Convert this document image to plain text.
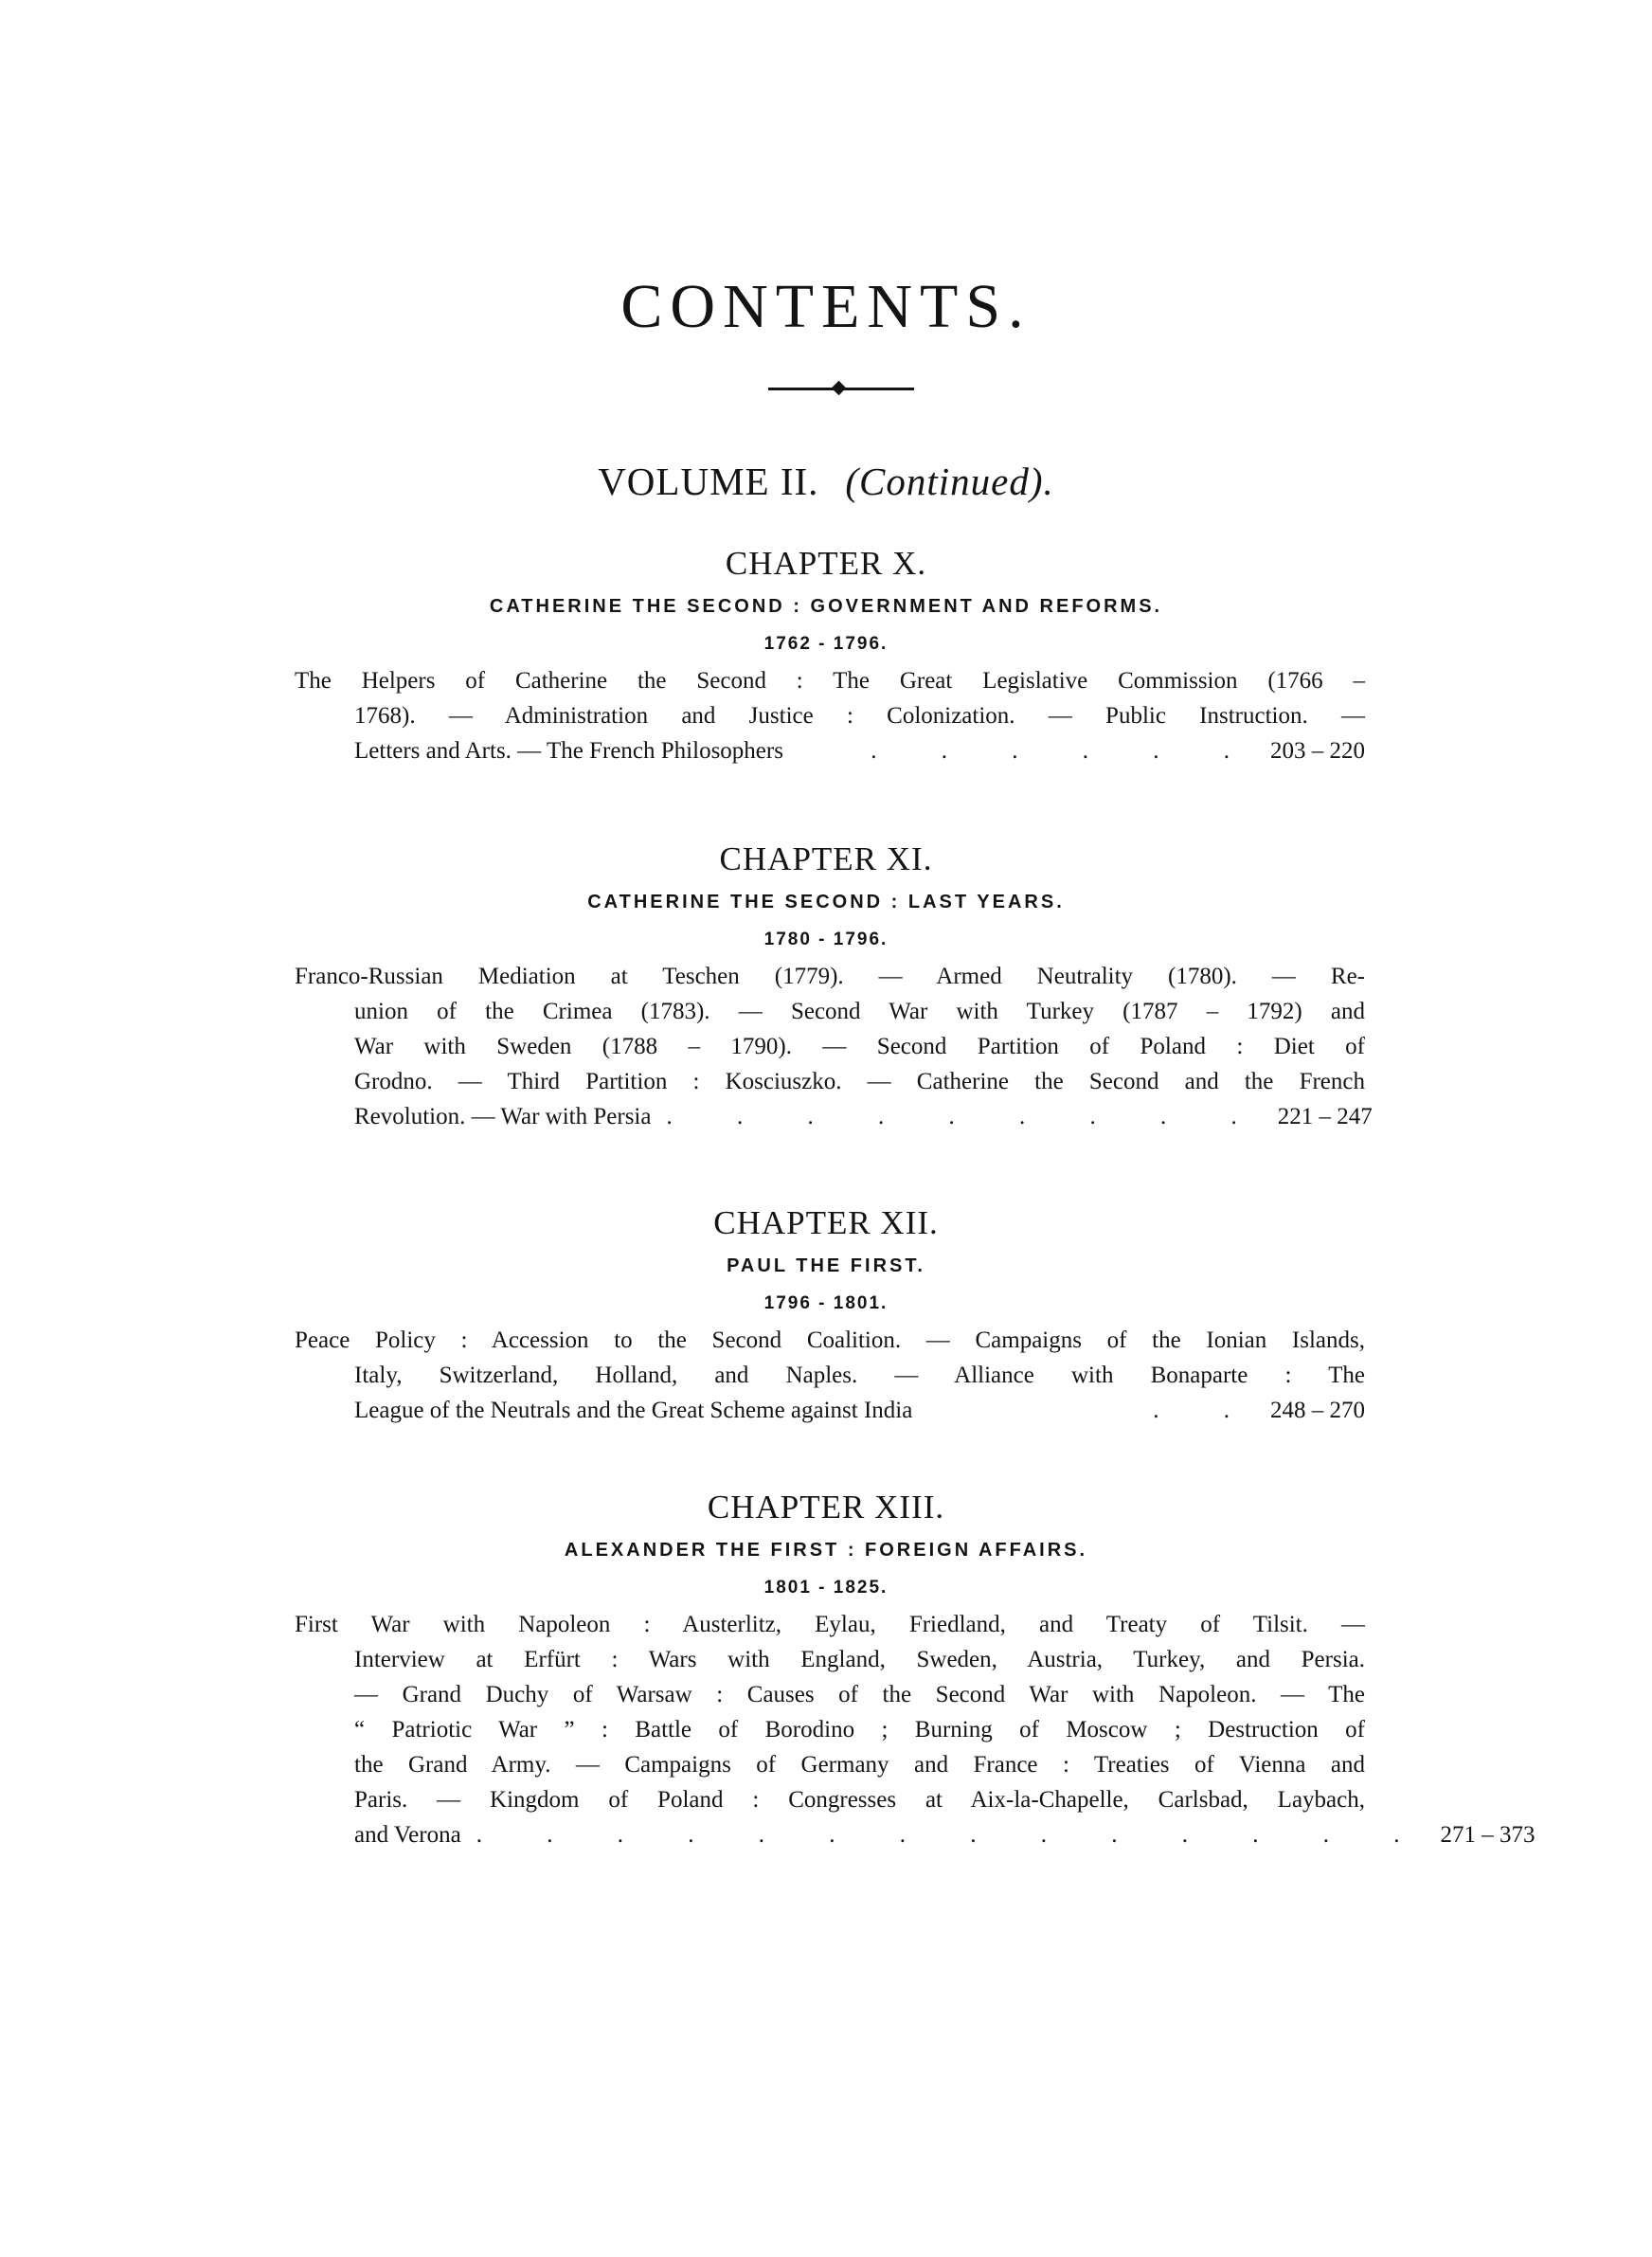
CONTENTS.
VOLUME II. (Continued).
CHAPTER X.
CATHERINE THE SECOND : GOVERNMENT AND REFORMS.
1762 - 1796.
The Helpers of Catherine the Second : The Great Legislative Commission (1766 –
1768). — Administration and Justice : Colonization. — Public Instruction. —
Letters and Arts. — The French Philosophers	. . . . . . 203 – 220
CHAPTER XI.
CATHERINE THE SECOND : LAST YEARS.
1780 - 1796.
Franco-Russian Mediation at Teschen (1779). — Armed Neutrality (1780). — Re-
union of the Crimea (1783). — Second War with Turkey (1787 – 1792) and
War with Sweden (1788 – 1790). — Second Partition of Poland : Diet of
Grodno. — Third Partition : Kosciuszko. — Catherine the Second and the French
Revolution. — War with Persia . . . . . . . . . 221 – 247
CHAPTER XII.
PAUL THE FIRST.
1796 - 1801.
Peace Policy : Accession to the Second Coalition. — Campaigns of the Ionian Islands,
Italy, Switzerland, Holland, and Naples. — Alliance with Bonaparte : The
League of the Neutrals and the Great Scheme against India	. . 248 – 270
CHAPTER XIII.
ALEXANDER THE FIRST : FOREIGN AFFAIRS.
1801 - 1825.
First War with Napoleon : Austerlitz, Eylau, Friedland, and Treaty of Tilsit. —
Interview at Erfürt : Wars with England, Sweden, Austria, Turkey, and Persia.
— Grand Duchy of Warsaw : Causes of the Second War with Napoleon. — The
“ Patriotic War ” : Battle of Borodino ; Burning of Moscow ; Destruction of
the Grand Army. — Campaigns of Germany and France : Treaties of Vienna and
Paris. — Kingdom of Poland : Congresses at Aix-la-Chapelle, Carlsbad, Laybach,
and Verona . . . . . . . . . . . . . . 271 – 373
